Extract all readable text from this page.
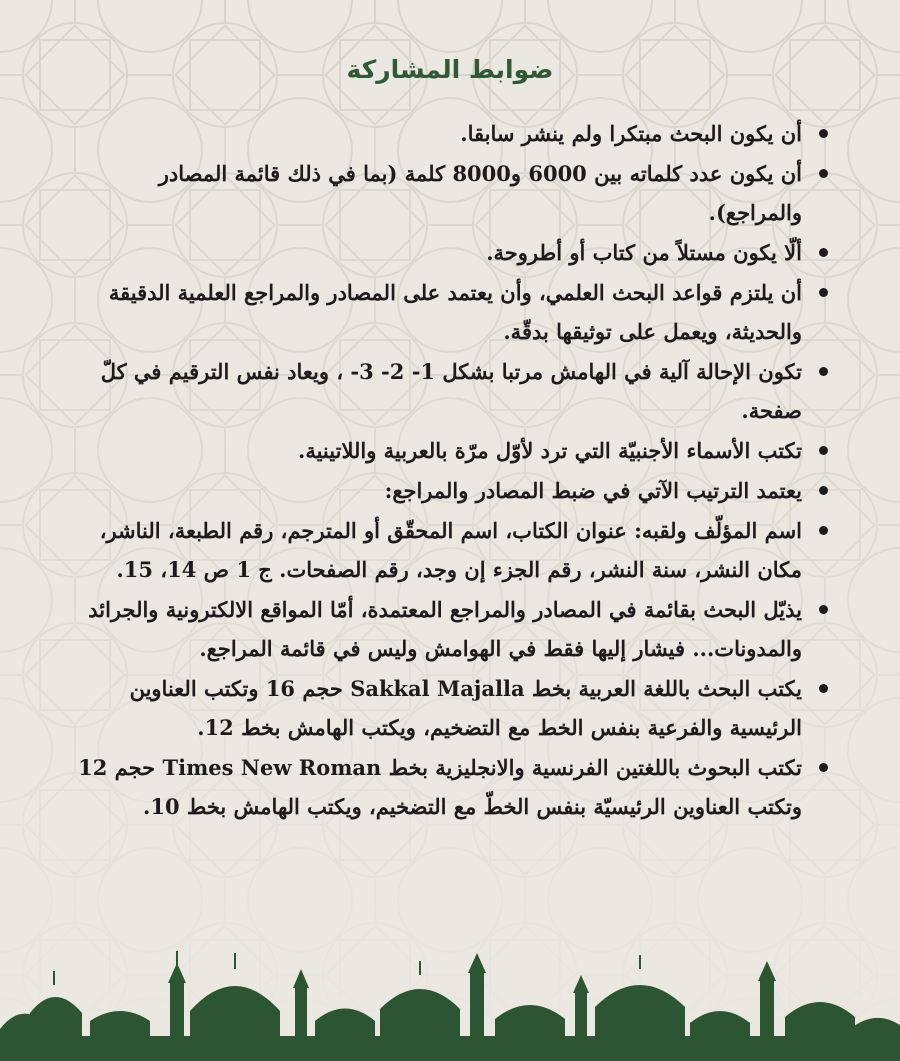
ضوابط المشاركة
أن يكون البحث مبتكرا ولم ينشر سابقا.
أن يكون عدد كلماته بين 6000 و8000 كلمة (بما في ذلك قائمة المصادر والمراجع).
ألّا يكون مستلاً من كتاب أو أطروحة.
أن يلتزم قواعد البحث العلمي، وأن يعتمد على المصادر والمراجع العلمية الدقيقة والحديثة، ويعمل على توثيقها بدقّة.
تكون الإحالة آلية في الهامش مرتبا بشكل 1- 2- 3- ، ويعاد نفس الترقيم في كلّ صفحة.
تكتب الأسماء الأجنبيّة التي ترد لأوّل مرّة بالعربية واللاتينية.
يعتمد الترتيب الآتي في ضبط المصادر والمراجع:
اسم المؤلّف ولقبه: عنوان الكتاب، اسم المحقّق أو المترجم، رقم الطبعة، الناشر، مكان النشر، سنة النشر، رقم الجزء إن وجد، رقم الصفحات. ج 1 ص 14، 15.
يذيّل البحث بقائمة في المصادر والمراجع المعتمدة، أمّا المواقع الالكترونية والجرائد والمدونات... فيشار إليها فقط في الهوامش وليس في قائمة المراجع.
يكتب البحث باللغة العربية بخط Sakkal Majalla حجم 16 وتكتب العناوين الرئيسية والفرعية بنفس الخط مع التضخيم، ويكتب الهامش بخط 12.
تكتب البحوث باللغتين الفرنسية والانجليزية بخط Times New Roman حجم 12 وتكتب العناوين الرئيسيّة بنفس الخطّ مع التضخيم، ويكتب الهامش بخط 10.
